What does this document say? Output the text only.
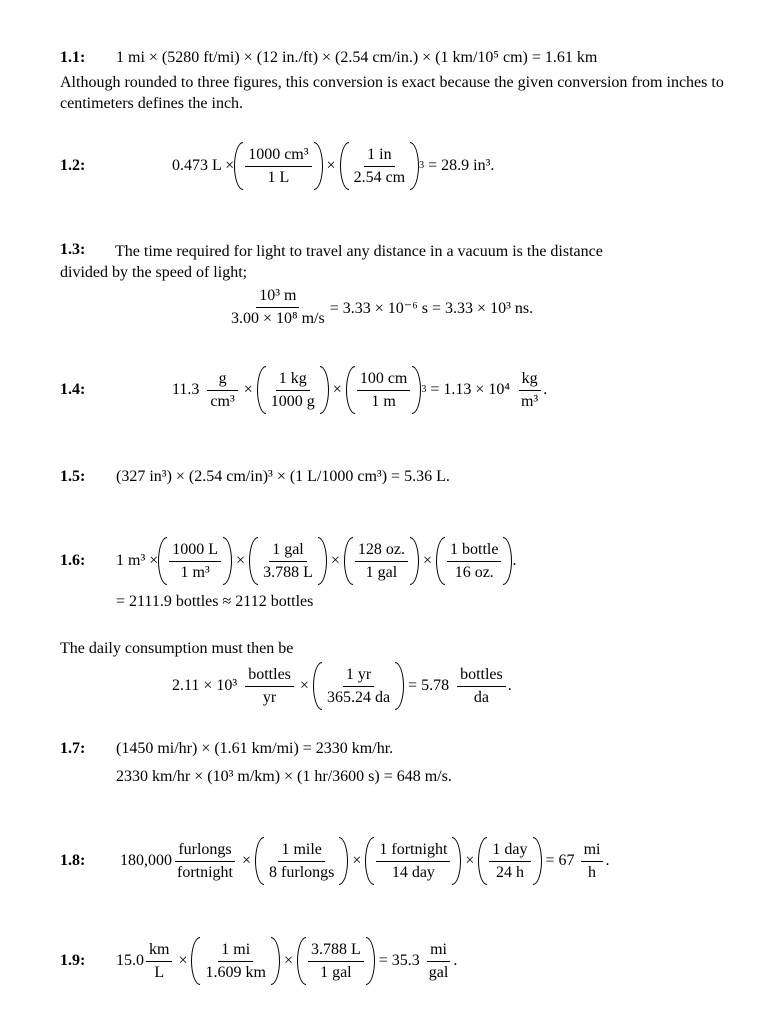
1.1: 1 mi × (5280 ft/mi) × (12 in./ft) × (2.54 cm/in.) × (1 km/10⁵ cm) = 1.61 km
Although rounded to three figures, this conversion is exact because the given conversion from inches to centimeters defines the inch.
1.2:	0.473 $L \times \frac{\text{1000 cm³}}{1 L} \times \frac{1 in}{2.54 cm} 3 = 28.9$ in³.
1.3: The time required for light to travel any distance in a vacuum is the distance
divided by the speed of light;
$\frac{\text{10³ m}}{\text{3.00 × 10⁸ m/s}} = 3.33 \times 10^{-6}$ s = 3.33 × 10³ ns.
1.4:	$11.3 \frac{g}{\text{cm³}} \times \frac{1 kg}{1000 g} \times \frac{100 cm}{1 m} 3 = 1.13 \times 10^4 \frac{kg}{\text{m³}}$ .
1.5: (327 in³) × (2.54 cm/in)³ × (1 L/1000 cm³) = 5.36 L.
1.6: 1 $m^3 \times \frac{1000 L}{\text{1 m³}} \times \frac{\text{1 gal}}{3.788 L} \times \frac{128 oz.}{\text{1 gal}} \times \frac{\text{1 bottle}}{16 oz.}$ .
= 2111.9 bottles ≈ 2112 bottles
The daily consumption must then be
$2.11 \times 10^3 \frac{\text{bottles}}{yr} \times \frac{1 yr}{365.24 da} = 5.78 \frac{\text{bottles}}{da}$ .
1.7: (1450 mi/hr) × (1.61 km/mi) = 2330 km/hr.
2330 km/hr × (10³ m/km) × (1 hr/3600 s) = 648 m/s.
1.8: $180,000 \frac{\text{furlongs}}{\text{fortnight}} \times \frac{\text{1 mile}}{\text{8 furlongs}} \times \frac{\text{1 fortnight}}{\text{14 day}} \times \frac{\text{1 day}}{24 h} = 67 \frac{mi}{h}$ .
1.9: $15.0 \frac{km}{L} \times \frac{1 mi}{1.609 km} \times \frac{3.788 L}{\text{1 gal}} = 35.3 \frac{mi}{\text{gal}}$ .
